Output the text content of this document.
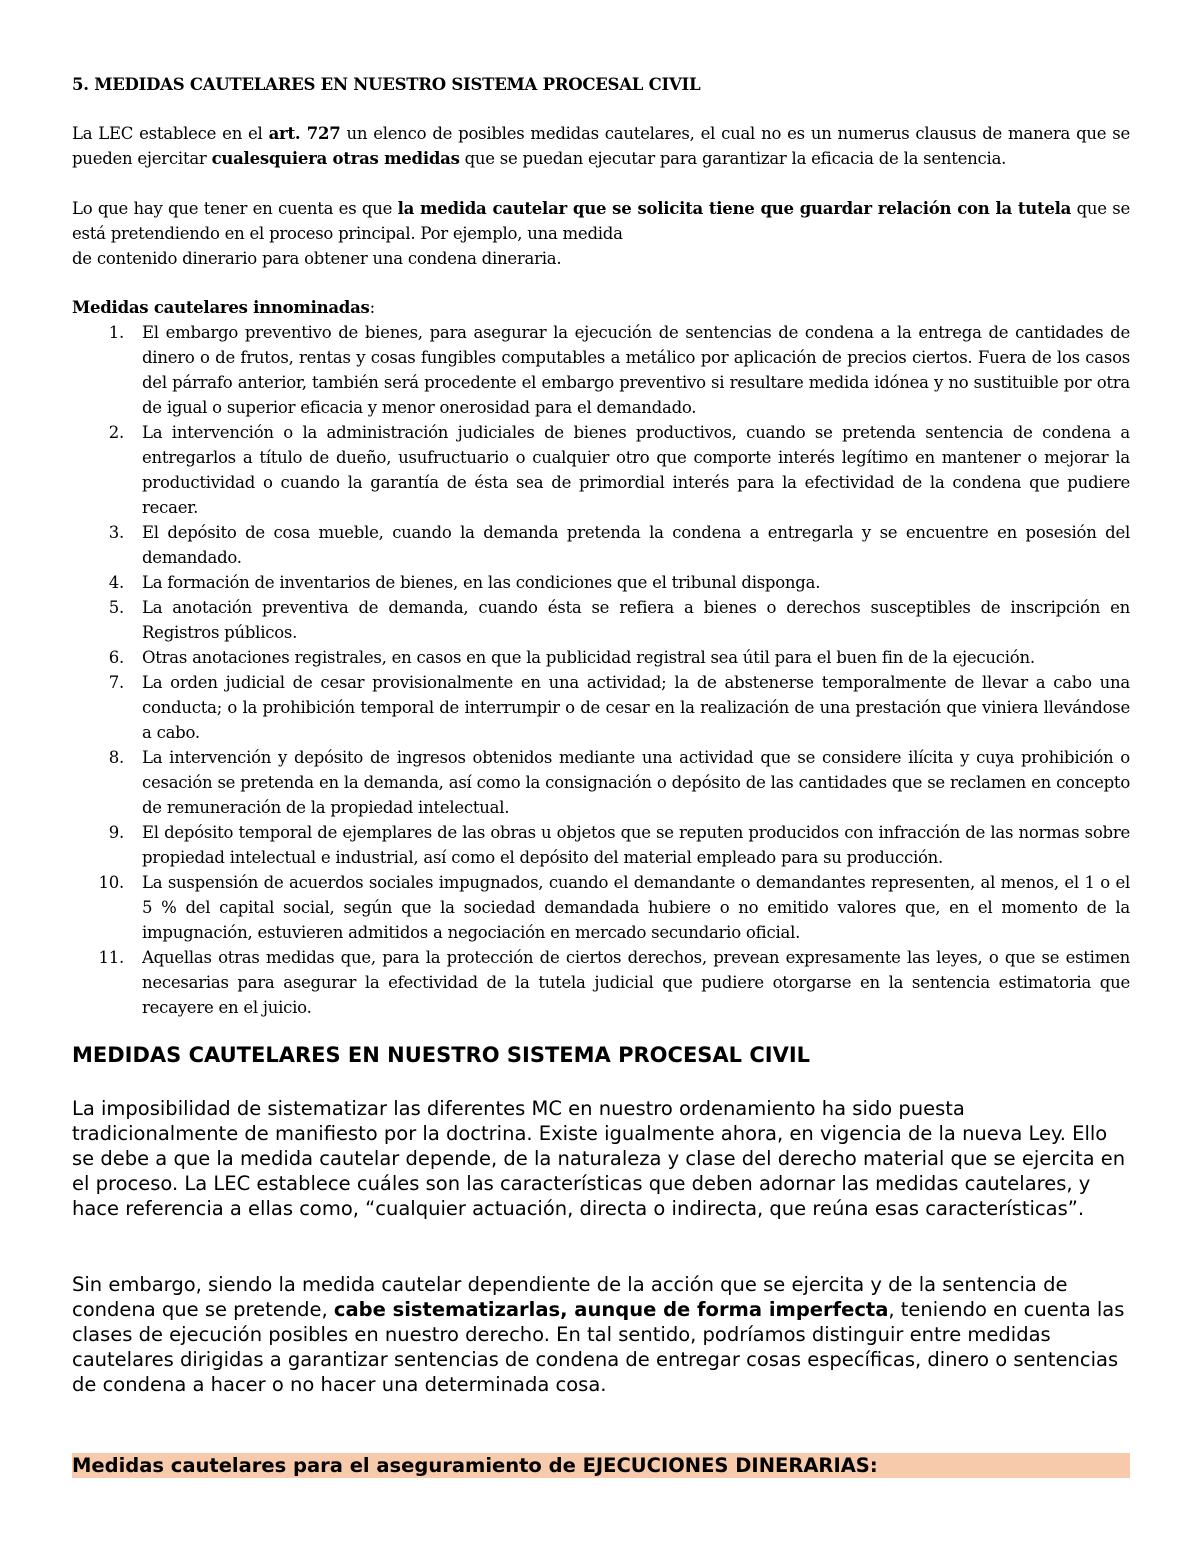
5. MEDIDAS CAUTELARES EN NUESTRO SISTEMA PROCESAL CIVIL

La LEC establece en el art. 727 un elenco de posibles medidas cautelares, el cual no es un numerus clausus de manera que se pueden ejercitar cualesquiera otras medidas que se puedan ejecutar para garantizar la eficacia de la sentencia.

Lo que hay que tener en cuenta es que la medida cautelar que se solicita tiene que guardar relación con la tutela que se está pretendiendo en el proceso principal. Por ejemplo, una medida
de contenido dinerario para obtener una condena dineraria.

Medidas cautelares innominadas:

1. El embargo preventivo de bienes, para asegurar la ejecución de sentencias de condena a la entrega de cantidades de dinero o de frutos, rentas y cosas fungibles computables a metálico por aplicación de precios ciertos. Fuera de los casos del párrafo anterior, también será procedente el embargo preventivo si resultare medida idónea y no sustituible por otra de igual o superior eficacia y menor onerosidad para el demandado.
2. La intervención o la administración judiciales de bienes productivos, cuando se pretenda sentencia de condena a entregarlos a título de dueño, usufructuario o cualquier otro que comporte interés legítimo en mantener o mejorar la productividad o cuando la garantía de ésta sea de primordial interés para la efectividad de la condena que pudiere recaer.
3. El depósito de cosa mueble, cuando la demanda pretenda la condena a entregarla y se encuentre en posesión del demandado.
4. La formación de inventarios de bienes, en las condiciones que el tribunal disponga.
5. La anotación preventiva de demanda, cuando ésta se refiera a bienes o derechos susceptibles de inscripción en Registros públicos.
6. Otras anotaciones registrales, en casos en que la publicidad registral sea útil para el buen fin de la ejecución.
7. La orden judicial de cesar provisionalmente en una actividad; la de abstenerse temporalmente de llevar a cabo una conducta; o la prohibición temporal de interrumpir o de cesar en la realización de una prestación que viniera llevándose a cabo.
8. La intervención y depósito de ingresos obtenidos mediante una actividad que se considere ilícita y cuya prohibición o cesación se pretenda en la demanda, así como la consignación o depósito de las cantidades que se reclamen en concepto de remuneración de la propiedad intelectual.
9. El depósito temporal de ejemplares de las obras u objetos que se reputen producidos con infracción de las normas sobre propiedad intelectual e industrial, así como el depósito del material empleado para su producción.
10. La suspensión de acuerdos sociales impugnados, cuando el demandante o demandantes representen, al menos, el 1 o el 5 % del capital social, según que la sociedad demandada hubiere o no emitido valores que, en el momento de la impugnación, estuvieren admitidos a negociación en mercado secundario oficial.
11. Aquellas otras medidas que, para la protección de ciertos derechos, prevean expresamente las leyes, o que se estimen necesarias para asegurar la efectividad de la tutela judicial que pudiere otorgarse en la sentencia estimatoria que recayere en el juicio.

MEDIDAS CAUTELARES EN NUESTRO SISTEMA PROCESAL CIVIL

La imposibilidad de sistematizar las diferentes MC en nuestro ordenamiento ha sido puesta tradicionalmente de manifiesto por la doctrina. Existe igualmente ahora, en vigencia de la nueva Ley. Ello se debe a que la medida cautelar depende, de la naturaleza y clase del derecho material que se ejercita en el proceso. La LEC establece cuáles son las características que deben adornar las medidas cautelares, y hace referencia a ellas como, “cualquier actuación, directa o indirecta, que reúna esas características”.

Sin embargo, siendo la medida cautelar dependiente de la acción que se ejercita y de la sentencia de condena que se pretende, cabe sistematizarlas, aunque de forma imperfecta, teniendo en cuenta las clases de ejecución posibles en nuestro derecho. En tal sentido, podríamos distinguir entre medidas cautelares dirigidas a garantizar sentencias de condena de entregar cosas específicas, dinero o sentencias de condena a hacer o no hacer una determinada cosa.

Medidas cautelares para el aseguramiento de EJECUCIONES DINERARIAS:
